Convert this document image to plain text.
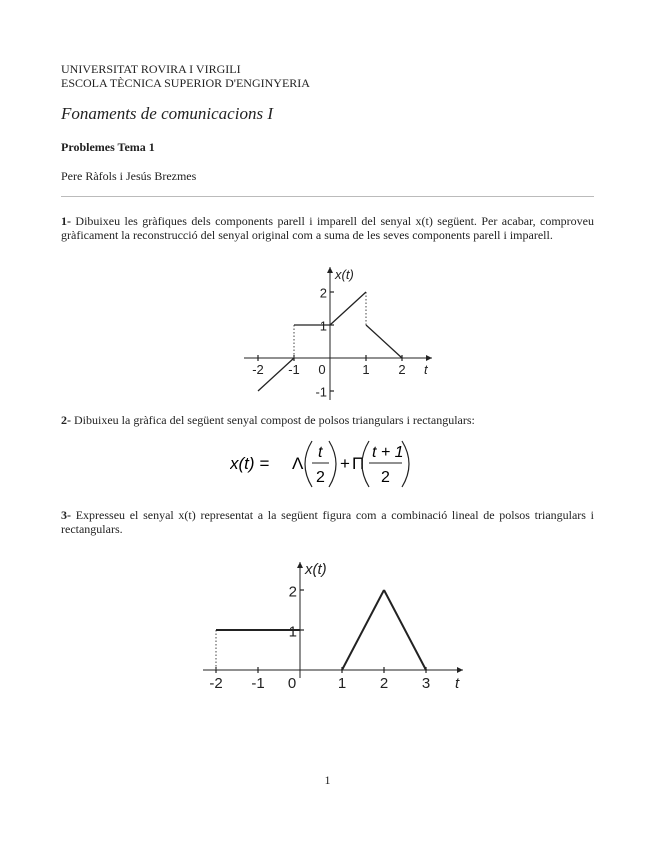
UNIVERSITAT ROVIRA I VIRGILI
ESCOLA TÈCNICA SUPERIOR D'ENGINYERIA
Fonaments de comunicacions I
Problemes Tema 1
Pere Ràfols i Jesús Brezmes
1- Dibuixeu les gràfiques dels components parell i imparell del senyal x(t) següent. Per acabar, comproveu gràficament la reconstrucció del senyal original com a suma de les seves components parell i imparell.
x(t)
t
-2 -1 0	1 2
2
1
-1
2- Dibuixeu la gràfica del següent senyal compost de polsos triangulars i rectangulars:
x(t) = Λ
t
2
+ Π
t + 1
2
3- Expresseu el senyal x(t) representat a la següent figura com a combinació lineal de polsos triangulars i rectangulars.
x(t)
t
-2 -1 0	1 2 3
2
1
1
